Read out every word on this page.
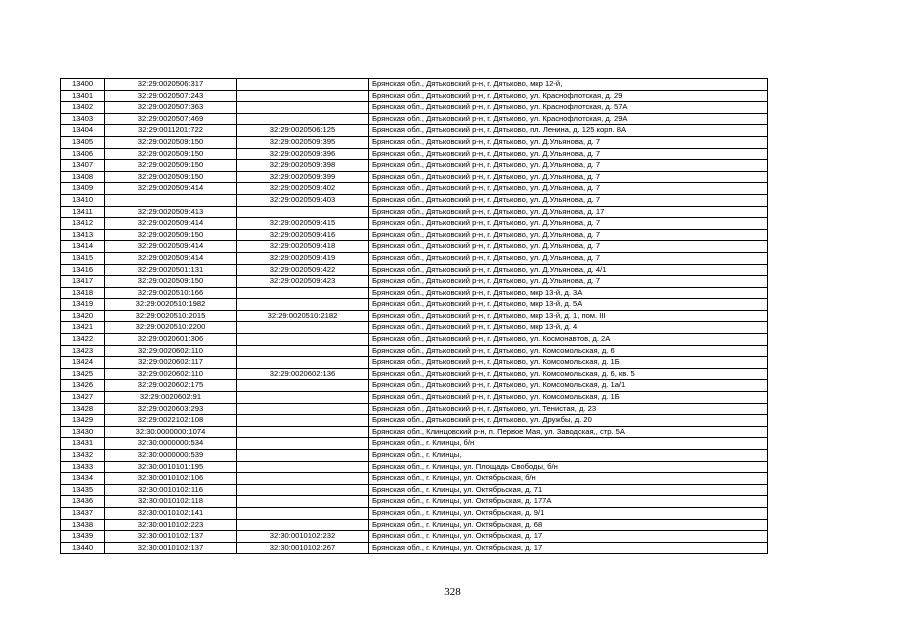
13400	32:29:0020506:317		Брянская обл., Дятьковский р-н, г. Дятьково, мкр 12-й,
13401	32:29:0020507:243		Брянская обл., Дятьковский р-н, г. Дятьково, ул. Краснофлотская, д. 29
13402	32:29:0020507:363		Брянская обл., Дятьковский р-н, г. Дятьково, ул. Краснофлотская, д. 57А
13403	32:29:0020507:469		Брянская обл., Дятьковский р-н, г. Дятьково, ул. Краснофлотская, д. 29А
13404	32:29:0011201:722	32:29:0020506:125	Брянская обл., Дятьковский р-н, г. Дятьково, пл. Ленина, д. 125 корп. 8А
13405	32:29:0020509:150	32:29:0020509:395	Брянская обл., Дятьковский р-н, г. Дятьково, ул. Д.Ульянова, д. 7
13406	32:29:0020509:150	32:29:0020509:396	Брянская обл., Дятьковский р-н, г. Дятьково, ул. Д.Ульянова, д. 7
13407	32:29:0020509:150	32:29:0020509:398	Брянская обл., Дятьковский р-н, г. Дятьково, ул. Д.Ульянова, д. 7
13408	32:29:0020509:150	32:29:0020509:399	Брянская обл., Дятьковский р-н, г. Дятьково, ул. Д.Ульянова, д. 7
13409	32:29:0020509:414	32:29:0020509:402	Брянская обл., Дятьковский р-н, г. Дятьково, ул. Д.Ульянова, д. 7
13410		32:29:0020509:403	Брянская обл., Дятьковский р-н, г. Дятьково, ул. Д.Ульянова, д. 7
13411	32:29:0020509:413		Брянская обл., Дятьковский р-н, г. Дятьково, ул. Д.Ульянова, д. 17
13412	32:29:0020509:414	32:29:0020509:415	Брянская обл., Дятьковский р-н, г. Дятьково, ул. Д.Ульянова, д. 7
13413	32:29:0020509:150	32:29:0020509:416	Брянская обл., Дятьковский р-н, г. Дятьково, ул. Д.Ульянова, д. 7
13414	32:29:0020509:414	32:29:0020509:418	Брянская обл., Дятьковский р-н, г. Дятьково, ул. Д.Ульянова, д. 7
13415	32:29:0020509:414	32:29:0020509:419	Брянская обл., Дятьковский р-н, г. Дятьково, ул. Д.Ульянова, д. 7
13416	32:29:0020501:131	32:29:0020509:422	Брянская обл., Дятьковский р-н, г. Дятьково, ул. Д.Ульянова, д. 4/1
13417	32:29:0020509:150	32:29:0020509:423	Брянская обл., Дятьковский р-н, г. Дятьково, ул. Д.Ульянова, д. 7
13418	32:29:0020510:166		Брянская обл., Дятьковский р-н, г. Дятьково, мкр 13-й, д. 3А
13419	32:29:0020510:1982		Брянская обл., Дятьковский р-н, г. Дятьково, мкр 13-й, д. 5А
13420	32:29:0020510:2015	32:29:0020510:2182	Брянская обл., Дятьковский р-н, г. Дятьково, мкр 13-й, д. 1, пом. III
13421	32:29:0020510:2200		Брянская обл., Дятьковский р-н, г. Дятьково, мкр 13-й, д. 4
13422	32:29:0020601:306		Брянская обл., Дятьковский р-н, г. Дятьково, ул. Космонавтов, д. 2А
13423	32:29:0020602:110		Брянская обл., Дятьковский р-н, г. Дятьково, ул. Комсомольская, д. 6
13424	32:29:0020602:117		Брянская обл., Дятьковский р-н, г. Дятьково, ул. Комсомольская, д. 1Б
13425	32:29:0020602:110	32:29:0020602:136	Брянская обл., Дятьковский р-н, г. Дятьково, ул. Комсомольская, д. 6, кв. 5
13426	32:29:0020602:175		Брянская обл., Дятьковский р-н, г. Дятьково, ул. Комсомольская, д. 1а/1
13427	32:29:0020602:91		Брянская обл., Дятьковский р-н, г. Дятьково, ул. Комсомольская, д. 1Б
13428	32:29:0020603:293		Брянская обл., Дятьковский р-н, г. Дятьково, ул. Тенистая, д. 23
13429	32:29:0022102:108		Брянская обл., Дятьковский р-н, г. Дятьково, ул. Дружбы, д. 20
13430	32:30:0000000:1074		Брянская обл., Клинцовский р-н, п. Первое Мая, ул. Заводская,, стр. 5А
13431	32:30:0000000:534		Брянская обл., г. Клинцы, б/н
13432	32:30:0000000:539		Брянская обл., г. Клинцы,
13433	32:30:0010101:195		Брянская обл., г. Клинцы, ул. Площадь Свободы, б/н
13434	32:30:0010102:106		Брянская обл., г. Клинцы, ул. Октябрьская, б/н
13435	32:30:0010102:116		Брянская обл., г. Клинцы, ул. Октябрьская, д. 71
13436	32:30:0010102:118		Брянская обл., г. Клинцы, ул. Октябрьская, д. 177А
13437	32:30:0010102:141		Брянская обл., г. Клинцы, ул. Октябрьская, д. 9/1
13438	32:30:0010102:223		Брянская обл., г. Клинцы, ул. Октябрьская, д. 68
13439	32:30:0010102:137	32:30:0010102:232	Брянская обл., г. Клинцы, ул. Октябрьская, д. 17
13440	32:30:0010102:137	32:30:0010102:267	Брянская обл., г. Клинцы, ул. Октябрьская, д. 17
328
